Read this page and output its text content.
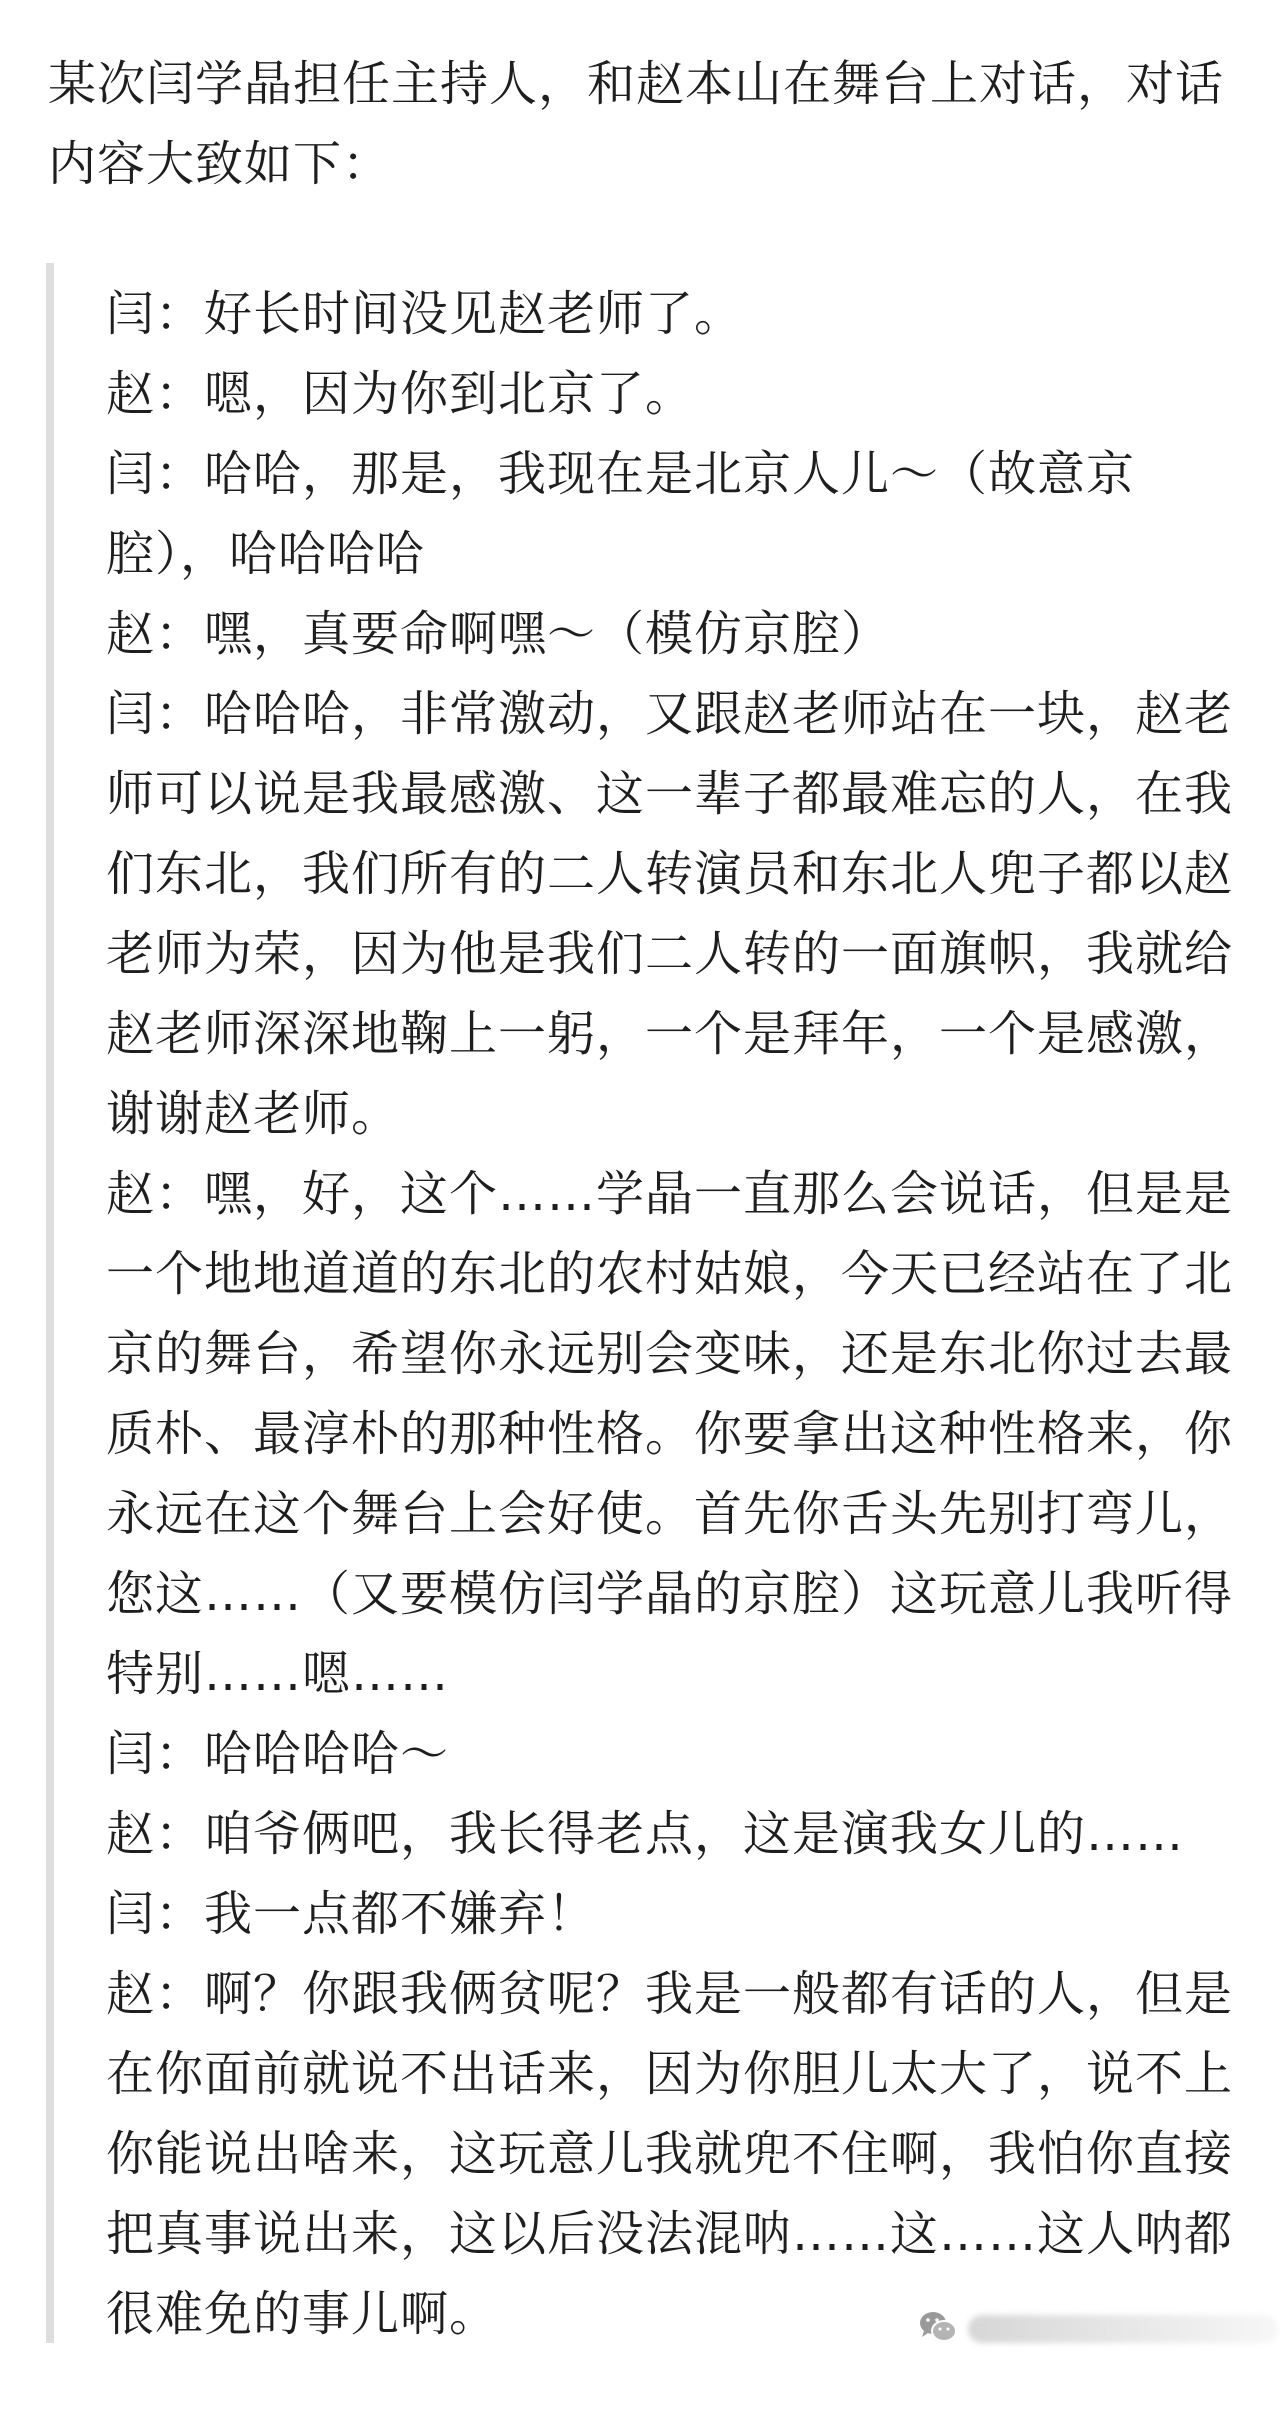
某次闫学晶担任主持人，和赵本山在舞台上对话，对话内容大致如下：

闫：好长时间没见赵老师了。

赵：嗯，因为你到北京了。

闫：哈哈，那是，我现在是北京人儿～（故意京腔），哈哈哈哈

赵：嘿，真要命啊嘿～（模仿京腔）

闫：哈哈哈，非常激动，又跟赵老师站在一块，赵老师可以说是我最感激、这一辈子都最难忘的人，在我们东北，我们所有的二人转演员和东北人兜子都以赵老师为荣，因为他是我们二人转的一面旗帜，我就给赵老师深深地鞠上一躬，一个是拜年，一个是感激，谢谢赵老师。

赵：嘿，好，这个……学晶一直那么会说话，但是是一个地地道道的东北的农村姑娘，今天已经站在了北京的舞台，希望你永远别会变味，还是东北你过去最质朴、最淳朴的那种性格。你要拿出这种性格来，你永远在这个舞台上会好使。首先你舌头先别打弯儿，您这……（又要模仿闫学晶的京腔）这玩意儿我听得特别……嗯……

闫：哈哈哈哈～

赵：咱爷俩吧，我长得老点，这是演我女儿的……

闫：我一点都不嫌弃！

赵：啊？你跟我俩贫呢？我是一般都有话的人，但是在你面前就说不出话来，因为你胆儿太大了，说不上你能说出啥来，这玩意儿我就兜不住啊，我怕你直接把真事说出来，这以后没法混呐……这……这人呐都很难免的事儿啊。
